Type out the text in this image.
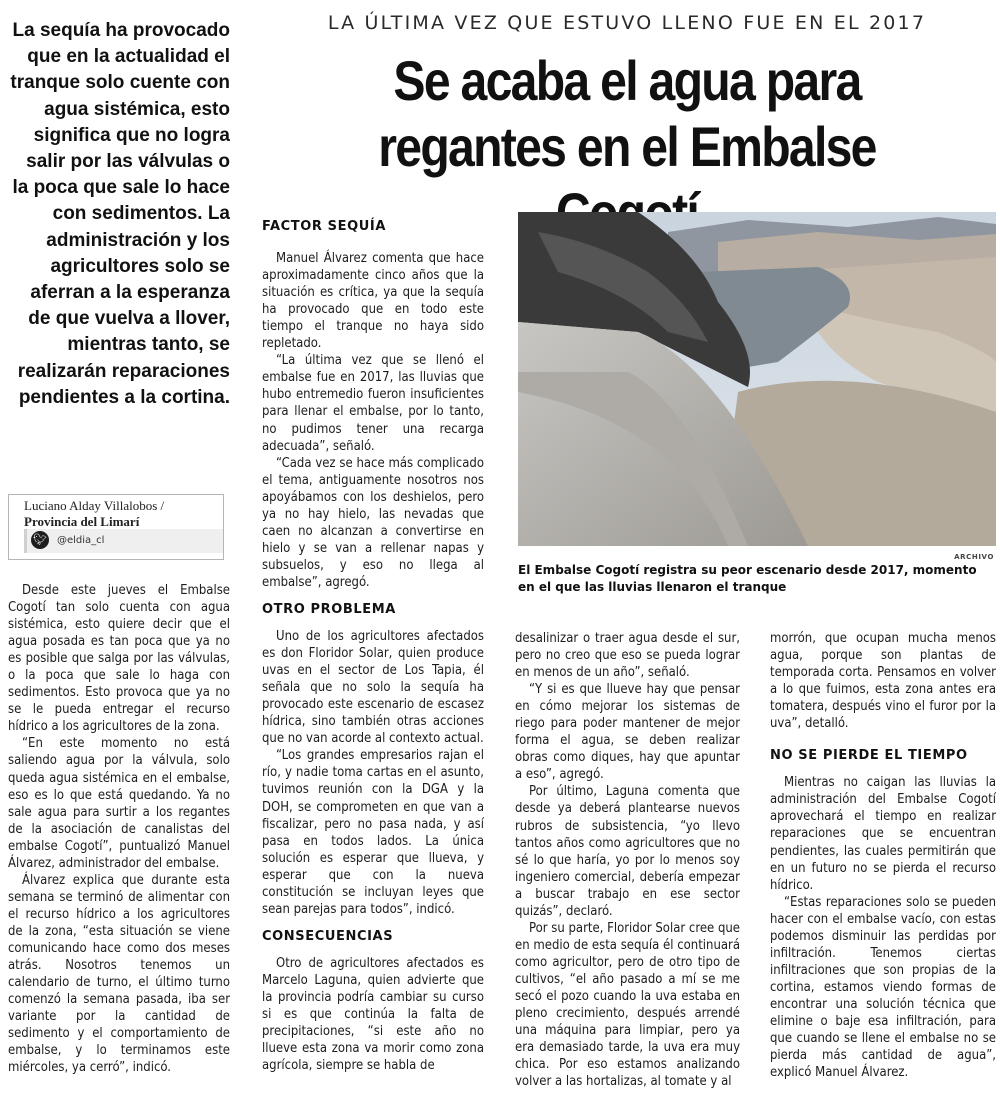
LA ÚLTIMA VEZ QUE ESTUVO LLENO FUE EN EL 2017
Se acaba el agua para
regantes en el Embalse
La sequía ha provocado que en la actualidad el tranque solo cuente con agua sistémica, esto significa que no logra salir por las válvulas o la poca que sale lo hace con sedimentos. La administración y los agricultores solo se aferran a la esperanza de que vuelva a llover, mientras tanto, se realizarán reparaciones pendientes a la cortina.
Luciano Alday Villalobos /
Provincia del Limarí
🐦︎ @eldia_cl
ARCHIVO
El Embalse Cogotí registra su peor escenario desde 2017, momento en el que las lluvias llenaron el tranque

Desde este jueves el Embalse Cogotí tan solo cuenta con agua sistémica, esto quiere decir que el agua posada es tan poca que ya no es posible que salga por las válvulas, o la poca que sale lo haga con sedimentos. Esto provoca que ya no se le pueda entregar el recurso hídrico a los agricultores de la zona.

“En este momento no está saliendo agua por la válvula, solo queda agua sistémica en el embalse, eso es lo que está quedando. Ya no sale agua para surtir a los regantes de la asociación de canalistas del embalse Cogotí”, puntualizó Manuel Álvarez, administrador del embalse.

Álvarez explica que durante esta semana se terminó de alimentar con el recurso hídrico a los agricultores de la zona, “esta situación se viene comunicando hace como dos meses atrás. Nosotros tenemos un calendario de turno, el último turno comenzó la semana pasada, iba ser variante por la cantidad de sedimento y el comportamiento de embalse, y lo terminamos este miércoles, ya cerró”, indicó.

FACTOR SEQUÍA

Manuel Álvarez comenta que hace aproximadamente cinco años que la situación es crítica, ya que la sequía ha provocado que en todo este tiempo el tranque no haya sido repletado.

“La última vez que se llenó el embalse fue en 2017, las lluvias que hubo entremedio fueron insuficientes para llenar el embalse, por lo tanto, no pudimos tener una recarga adecuada”, señaló.

“Cada vez se hace más complicado el tema, antiguamente nosotros nos apoyábamos con los deshielos, pero ya no hay hielo, las nevadas que caen no alcanzan a convertirse en hielo y se van a rellenar napas y subsuelos, y eso no llega al embalse”, agregó.

OTRO PROBLEMA

Uno de los agricultores afectados es don Floridor Solar, quien produce uvas en el sector de Los Tapia, él señala que no solo la sequía ha provocado este escenario de escasez hídrica, sino también otras acciones que no van acorde al contexto actual.

“Los grandes empresarios rajan el río, y nadie toma cartas en el asunto, tuvimos reunión con la DGA y la DOH, se comprometen en que van a fiscalizar, pero no pasa nada, y así pasa en todos lados. La única solución es esperar que llueva, y esperar que con la nueva constitución se incluyan leyes que sean parejas para todos”, indicó.

CONSECUENCIAS

Otro de agricultores afectados es Marcelo Laguna, quien advierte que la provincia podría cambiar su curso si es que continúa la falta de precipitaciones, “si este año no llueve esta zona va morir como zona agrícola, siempre se habla de

desalinizar o traer agua desde el sur, pero no creo que eso se pueda lograr en menos de un año”, señaló.

“Y si es que llueve hay que pensar en cómo mejorar los sistemas de riego para poder mantener de mejor forma el agua, se deben realizar obras como diques, hay que apuntar a eso”, agregó.

Por último, Laguna comenta que desde ya deberá plantearse nuevos rubros de subsistencia, “yo llevo tantos años como agricultores que no sé lo que haría, yo por lo menos soy ingeniero comercial, debería empezar a buscar trabajo en ese sector quizás”, declaró.

Por su parte, Floridor Solar cree que en medio de esta sequía él continuará como agricultor, pero de otro tipo de cultivos, “el año pasado a mí se me secó el pozo cuando la uva estaba en pleno crecimiento, después arrendé una máquina para limpiar, pero ya era demasiado tarde, la uva era muy chica. Por eso estamos analizando volver a las hortalizas, al tomate y al

morrón, que ocupan mucha menos agua, porque son plantas de temporada corta. Pensamos en volver a lo que fuimos, esta zona antes era tomatera, después vino el furor por la uva”, detalló.

NO SE PIERDE EL TIEMPO

Mientras no caigan las lluvias la administración del Embalse Cogotí aprovechará el tiempo en realizar reparaciones que se encuentran pendientes, las cuales permitirán que en un futuro no se pierda el recurso hídrico.

“Estas reparaciones solo se pueden hacer con el embalse vacío, con estas podemos disminuir las perdidas por infiltración. Tenemos ciertas infiltraciones que son propias de la cortina, estamos viendo formas de encontrar una solución técnica que elimine o baje esa infiltración, para que cuando se llene el embalse no se pierda más cantidad de agua”, explicó Manuel Álvarez.
